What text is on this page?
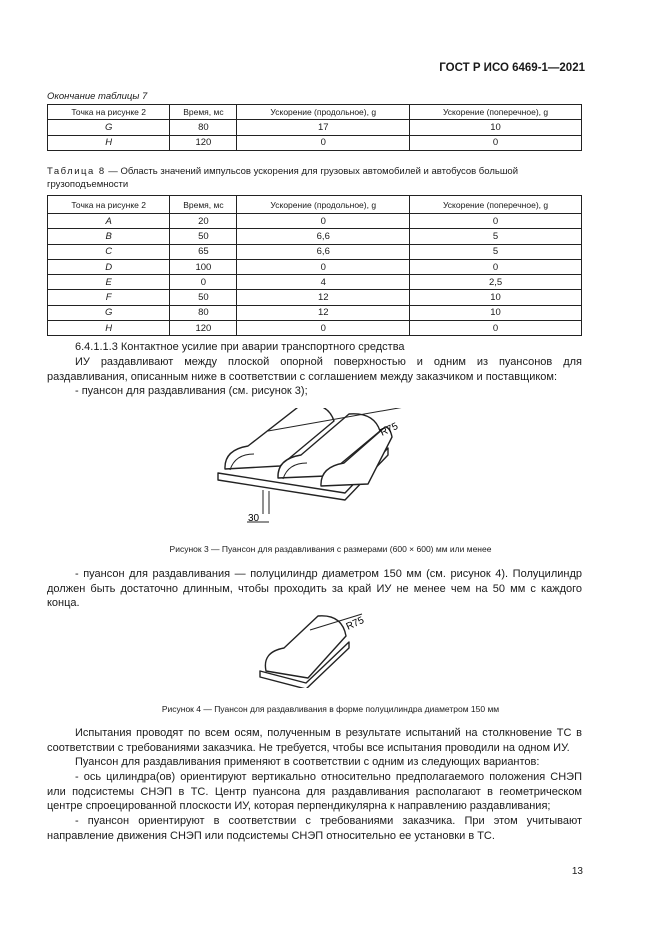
ГОСТ Р ИСО 6469-1—2021
Окончание таблицы 7
Точка на рисунке 2	Время, мс	Ускорение (продольное), g	Ускорение (поперечное), g
G	80	17	10
H	120	0	0
Таблица 8 — Область значений импульсов ускорения для грузовых автомобилей и автобусов большой грузоподъемности
Точка на рисунке 2	Время, мс	Ускорение (продольное), g	Ускорение (поперечное), g
A	20	0	0
B	50	6,6	5
C	65	6,6	5
D	100	0	0
E	0	4	2,5
F	50	12	10
G	80	12	10
H	120	0	0
6.4.1.1.3 Контактное усилие при аварии транспортного средства
ИУ раздавливают между плоской опорной поверхностью и одним из пуансонов для раздавливания, описанным ниже в соответствии с соглашением между заказчиком и поставщиком:
- пуансон для раздавливания (см. рисунок 3);
R75
30
Рисунок 3 — Пуансон для раздавливания с размерами (600 × 600) мм или менее
- пуансон для раздавливания — полуцилиндр диаметром 150 мм (см. рисунок 4). Полуцилиндр должен быть достаточно длинным, чтобы проходить за край ИУ не менее чем на 50 мм с каждого конца.
R75
Рисунок 4 — Пуансон для раздавливания в форме полуцилиндра диаметром 150 мм
Испытания проводят по всем осям, полученным в результате испытаний на столкновение ТС в соответствии с требованиями заказчика. Не требуется, чтобы все испытания проводили на одном ИУ.
Пуансон для раздавливания применяют в соответствии с одним из следующих вариантов:
- ось цилиндра(ов) ориентируют вертикально относительно предполагаемого положения СНЭП или подсистемы СНЭП в ТС. Центр пуансона для раздавливания располагают в геометрическом центре спроецированной плоскости ИУ, которая перпендикулярна к направлению раздавливания;
- пуансон ориентируют в соответствии с требованиями заказчика. При этом учитывают направление движения СНЭП или подсистемы СНЭП относительно ее установки в ТС.
13
